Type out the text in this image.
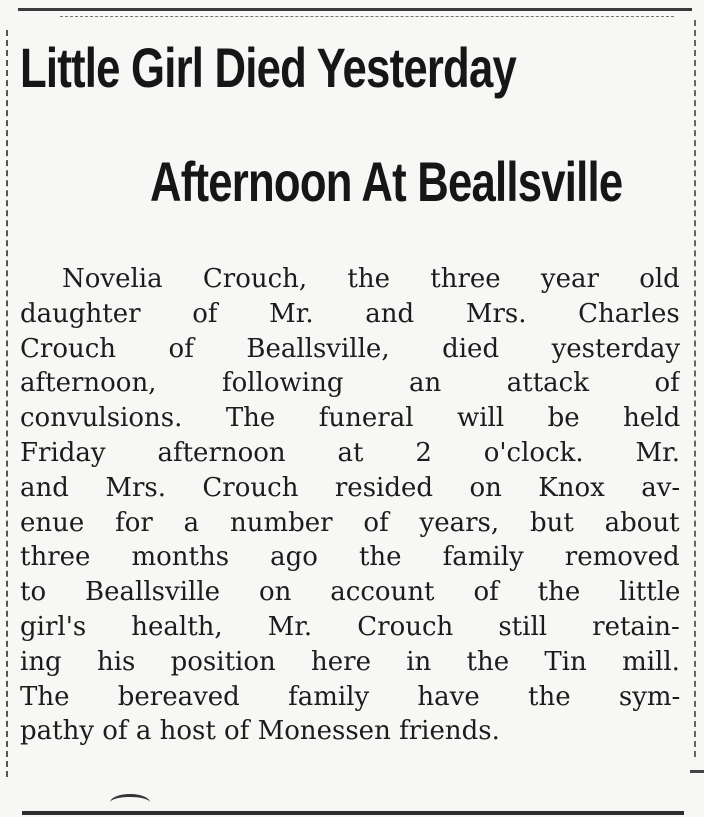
Little Girl Died Yesterday
Afternoon At Beallsville
Novelia Crouch, the three year old
daughter of Mr. and Mrs. Charles
Crouch of Beallsville, died yesterday
afternoon, following an attack of
convulsions. The funeral will be held
Friday afternoon at 2 o'clock. Mr.
and Mrs. Crouch resided on Knox av-
enue for a number of years, but about
three months ago the family removed
to Beallsville on account of the little
girl's health, Mr. Crouch still retain-
ing his position here in the Tin mill.
The bereaved family have the sym-
pathy of a host of Monessen friends.
